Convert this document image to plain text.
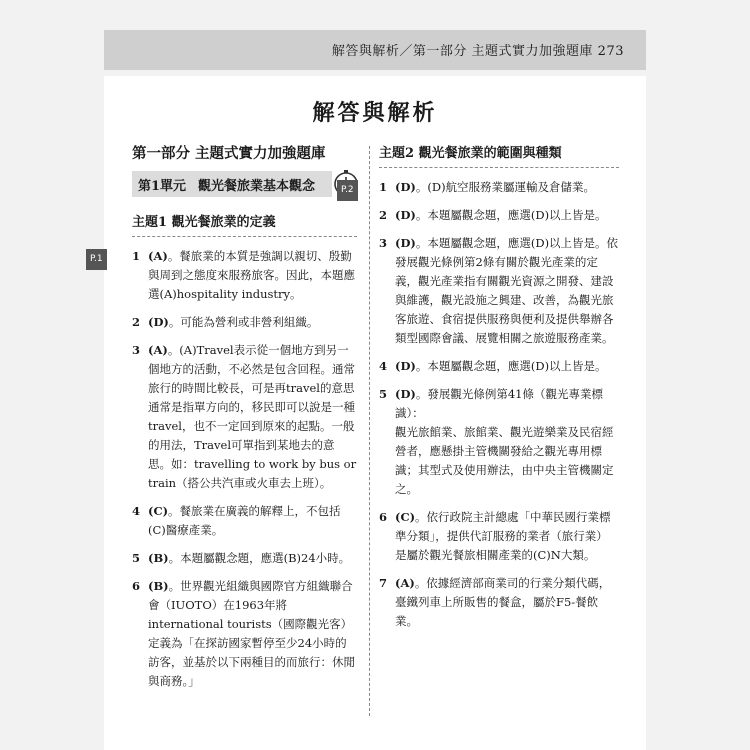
解答與解析／第一部分 主題式實力加強題庫 273
解答與解析
第一部分 主題式實力加強題庫
第1單元 觀光餐旅業基本觀念
主題1 觀光餐旅業的定義
P.1	1 (A)。餐旅業的本質是強調以親切、殷勤與周到之態度來服務旅客。因此，本題應選(A)hospitality industry。
2 (D)。可能為營利或非營利組織。
3 (A)。(A)Travel表示從一個地方到另一個地方的活動，不必然是包含回程。通常旅行的時間比較長，可是再travel的意思通常是指單方向的，移民即可以說是一種travel，也不一定回到原來的起點。一般的用法，Travel可單指到某地去的意思。如：travelling to work by bus or train（搭公共汽車或火車去上班）。
4 (C)。餐旅業在廣義的解釋上，不包括(C)醫療產業。
5 (B)。本題屬觀念題，應選(B)24小時。
6 (B)。世界觀光組織與國際官方組織聯合會（IUOTO）在1963年將international tourists（國際觀光客）定義為「在探訪國家暫停至少24小時的訪客，並基於以下兩種目的而旅行：休閒與商務。」
主題2 觀光餐旅業的範圍與種類
P.2	1 (D)。(D)航空服務業屬運輸及倉儲業。
2 (D)。本題屬觀念題，應選(D)以上皆是。
3 (D)。本題屬觀念題，應選(D)以上皆是。依發展觀光條例第2條有關於觀光產業的定義，觀光產業指有關觀光資源之開發、建設與維護，觀光設施之興建、改善，為觀光旅客旅遊、食宿提供服務與便利及提供舉辦各類型國際會議、展覽相關之旅遊服務產業。
4 (D)。本題屬觀念題，應選(D)以上皆是。
5 (D)。發展觀光條例第41條（觀光專業標識）：
觀光旅館業、旅館業、觀光遊樂業及民宿經營者，應懸掛主管機關發給之觀光專用標識；其型式及使用辦法，由中央主管機關定之。
6 (C)。依行政院主計總處「中華民國行業標準分類」，提供代訂服務的業者（旅行業）是屬於觀光餐旅相關產業的(C)N大類。
7 (A)。依據經濟部商業司的行業分類代碼，臺鐵列車上所販售的餐盒，屬於F5-餐飲業。
